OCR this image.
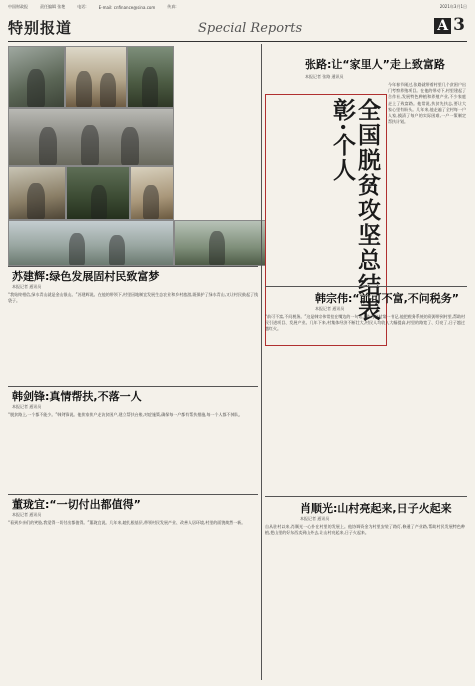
中国财政报	责任编辑 张艳	电话:	E-mail: cnfinance@sina.com	传真:	2021年3月1日
特别报道	Special Reports	A 3
全国脱贫攻坚总结表彰·个人
张路:让“家里人”走上致富路
本报记者 张路 通讯员
今年春节刚过,张路就带着村里几个贫困户出门考察养殖项目。在他的带动下,村里建起了合作社,发展特色种植和养殖产业,不少家庭走上了致富路。他常说,扶贫先扶志,要让大家心里有盼头。几年来,他走遍了全村每一户人家,摸清了每户的实际困难,一户一策制定帮扶计划。
韩宗伟:“前可不富,不问税务”
本报记者 通讯员
“前可不富,不问税务。”这是韩宗伟常挂在嘴边的一句话。作为驻村第一书记,他把税务系统的资源带到村里,帮助村民引进项目、发展产业。几年下来,村集体经济不断壮大,村民人均收入大幅提高,村里的路宽了、灯亮了,日子越过越红火。
苏建辉:绿色发展固村民致富梦
本报记者 通讯员
“我始终相信,绿水青山就是金山银山。”苏建辉说。在他的带领下,村里因地制宜发展生态农业和乡村旅游,既保护了绿水青山,又让村民鼓起了钱袋子。
肖顺光:山村亮起来,日子火起来
本报记者 通讯员
自从驻村以来,肖顺光一心扑在村里的发展上。他协调资金为村里安装了路灯,修通了产业路,帮助村民发展特色种植,把山里的好东西卖到山外去,让山村亮起来,日子火起来。
韩剑锋:真情帮扶,不落一人
本报记者 通讯员
“脱贫路上,一个都不能少。”韩剑锋说。他挨家挨户走访贫困户,建立帮扶台账,对症施策,确保每一户都有帮扶措施,每一个人都不掉队。
董珑宜:“一切付出都值得”
本报记者 通讯员
“看到乡亲们的笑脸,我觉得一切付出都值得。”董珑宜说。几年来,她扎根基层,带领村民发展产业、改善人居环境,村里的面貌焕然一新。
